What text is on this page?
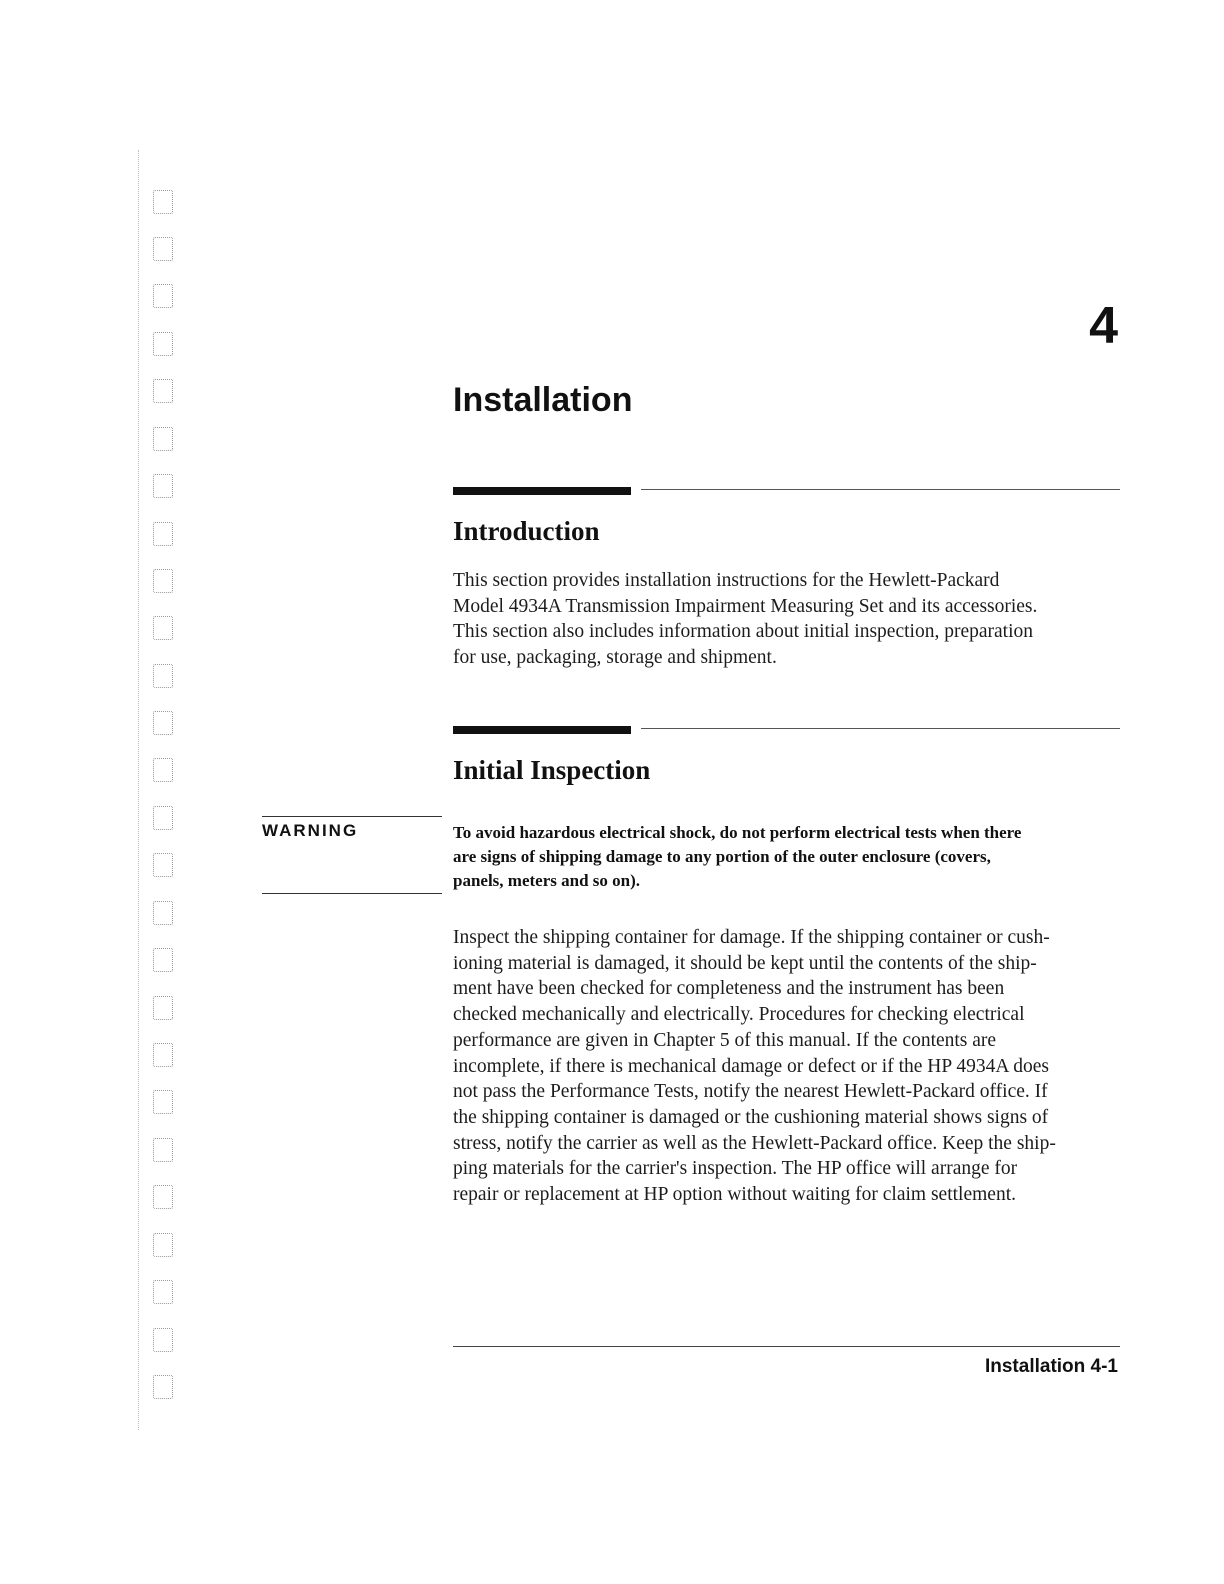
4
Installation
Introduction
This section provides installation instructions for the Hewlett-Packard
Model 4934A Transmission Impairment Measuring Set and its accessories.
This section also includes information about initial inspection, preparation
for use, packaging, storage and shipment.
Initial Inspection
WARNING	To avoid hazardous electrical shock, do not perform electrical tests when there
are signs of shipping damage to any portion of the outer enclosure (covers,
panels, meters and so on).
Inspect the shipping container for damage. If the shipping container or cush-
ioning material is damaged, it should be kept until the contents of the ship-
ment have been checked for completeness and the instrument has been
checked mechanically and electrically. Procedures for checking electrical
performance are given in Chapter 5 of this manual. If the contents are
incomplete, if there is mechanical damage or defect or if the HP 4934A does
not pass the Performance Tests, notify the nearest Hewlett-Packard office. If
the shipping container is damaged or the cushioning material shows signs of
stress, notify the carrier as well as the Hewlett-Packard office. Keep the ship-
ping materials for the carrier's inspection. The HP office will arrange for
repair or replacement at HP option without waiting for claim settlement.
Installation 4-1
